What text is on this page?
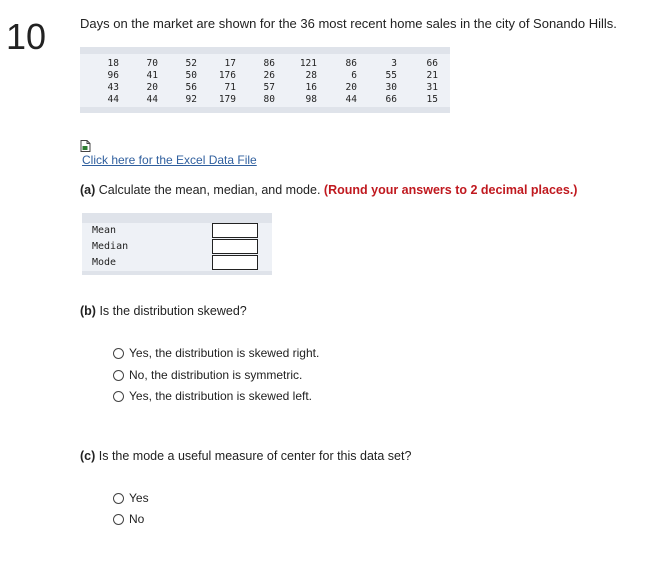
10	Days on the market are shown for the 36 most recent home sales in the city of Sonando Hills.
18	70	52	17	86	121	86	3	66
96	41	50	176	26	28	6	55	21
43	20	56	71	57	16	20	30	31
44	44	92	179	80	98	44	66	15
Click here for the Excel Data File
(a) Calculate the mean, median, and mode. (Round your answers to 2 decimal places.)
Mean
Median
Mode
(b) Is the distribution skewed?
Yes, the distribution is skewed right.
No, the distribution is symmetric.
Yes, the distribution is skewed left.
(c) Is the mode a useful measure of center for this data set?
Yes
No
